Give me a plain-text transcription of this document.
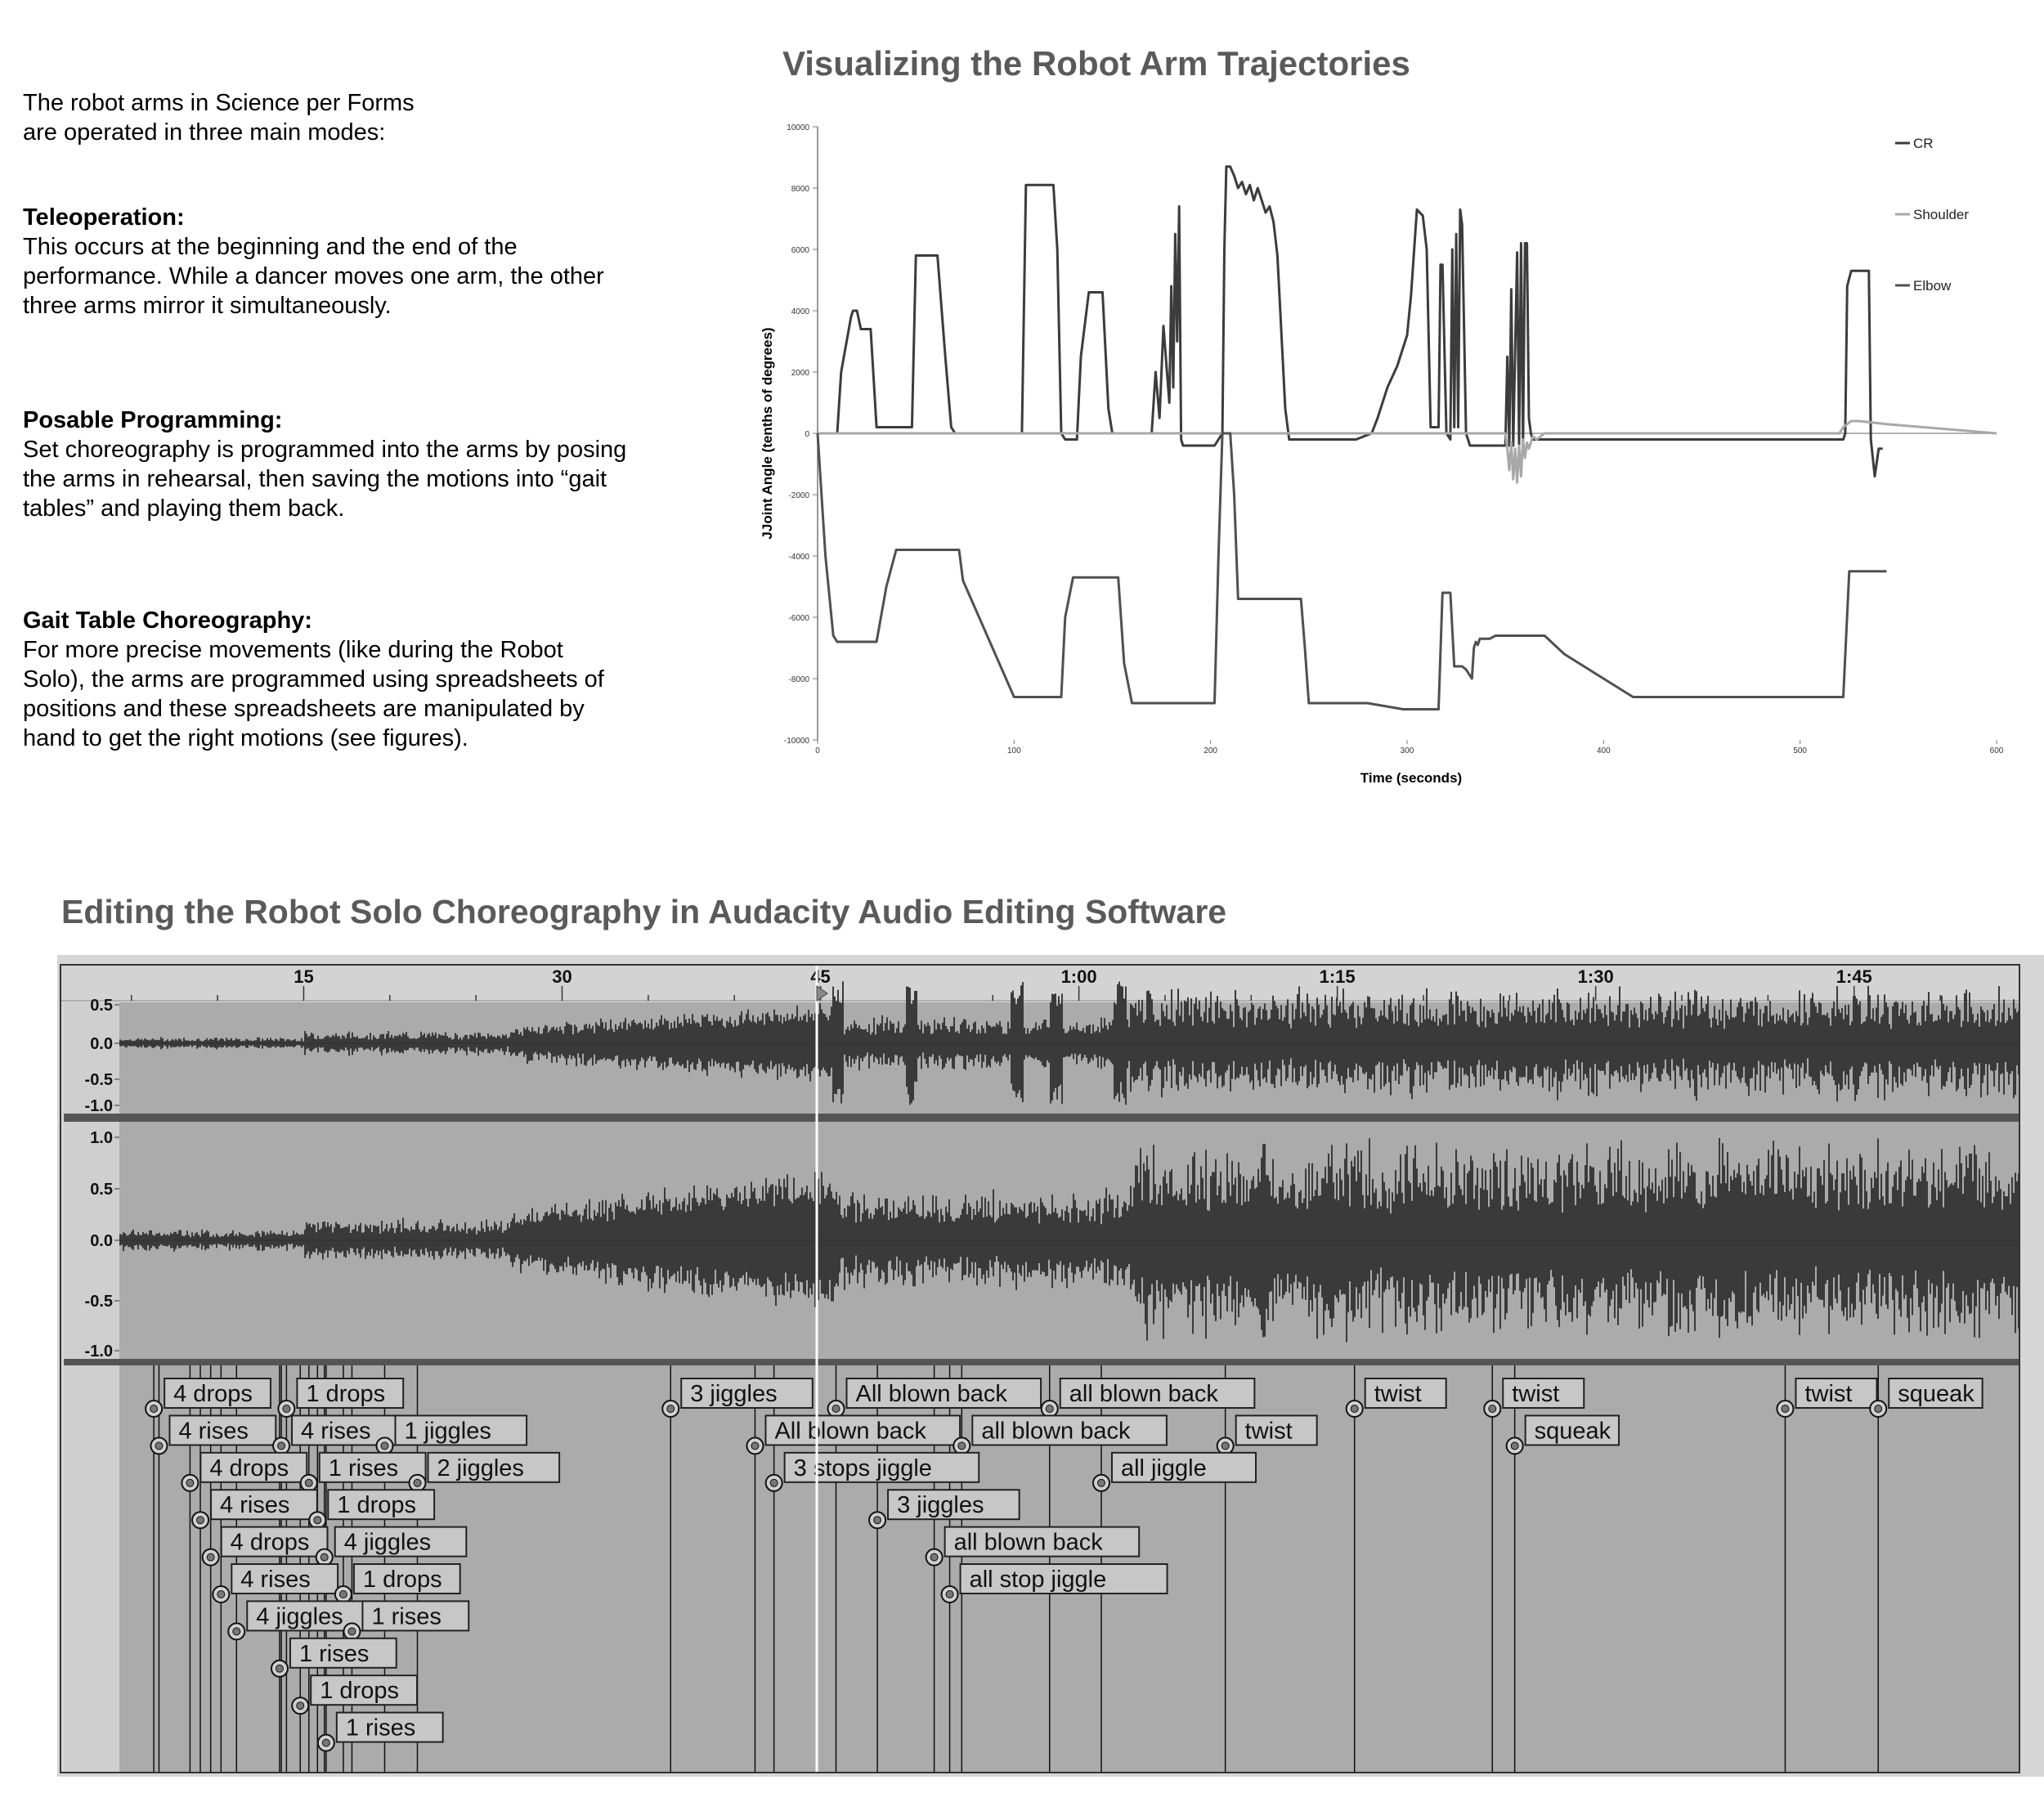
The robot arms in Science per Forms

are operated in three main modes:

Teleoperation:
This occurs at the beginning and the end of the
performance. While a dancer moves one arm, the other
three arms mirror it simultaneously.
Posable Programming:
Set choreography is programmed into the arms by posing
the arms in rehearsal, then saving the motions into “gait
tables” and playing them back.
Gait Table Choreography:
For more precise movements (like during the Robot
Solo), the arms are programmed using spreadsheets of
positions and these spreadsheets are manipulated by
hand to get the right motions (see figures).
Visualizing the Robot Arm Trajectories
10000
8000
6000
4000
2000
0
-2000
-4000
-6000
-8000
-10000
0	100	200	300	400	500	600
CR
Shoulder
Elbow
JJoint Angle (tenths of degrees)
Time (seconds)
Editing the Robot Solo Choreography in Audacity Audio Editing Software
15	30	45	1:00	1:15	1:30	1:45
0.5
0.0
-0.5
-1.0
1.0
0.5
0.0
-0.5
-1.0
4 drops 1 drops	3 jiggles	All blown back	all blown back	twist	twist	twist squeak
4 rises 4 rises 1 jiggles	All blown back all blown back	twist	squeak
4 drops 1 rises 2 jiggles	3 stops jiggle	all jiggle
4 rises 1 drops	3 jiggles
4 drops 4 jiggles	all blown back
4 rises 1 drops	all stop jiggle
4 jiggles 1 rises
1 rises
1 drops
1 rises
